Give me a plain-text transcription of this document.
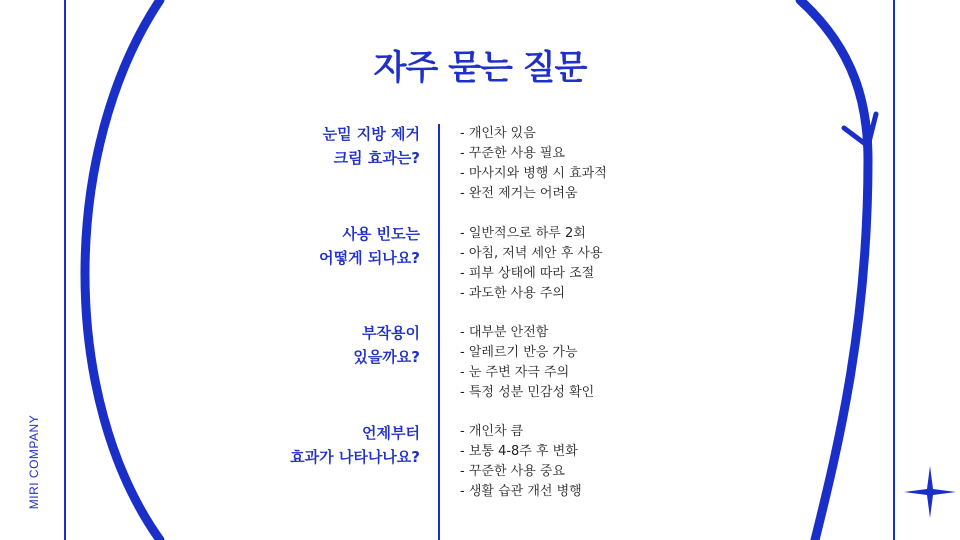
MIRI COMPANY
자주 묻는 질문
눈밑 지방 제거
크림 효과는?
- 개인차 있음
- 꾸준한 사용 필요
- 마사지와 병행 시 효과적
- 완전 제거는 어려움
사용 빈도는
어떻게 되나요?
- 일반적으로 하루 2회
- 아침, 저녁 세안 후 사용
- 피부 상태에 따라 조절
- 과도한 사용 주의
부작용이
있을까요?
- 대부분 안전함
- 알레르기 반응 가능
- 눈 주변 자극 주의
- 특정 성분 민감성 확인
언제부터
효과가 나타나나요?
- 개인차 큼
- 보통 4-8주 후 변화
- 꾸준한 사용 중요
- 생활 습관 개선 병행
